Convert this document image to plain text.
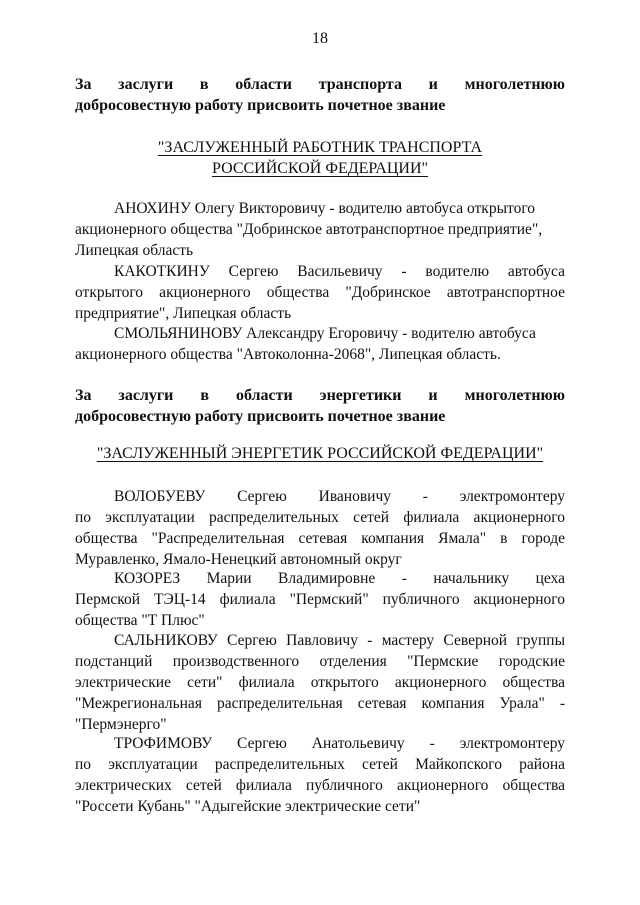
18
За заслуги в области транспорта и многолетнюю
добросовестную работу присвоить почетное звание
"ЗАСЛУЖЕННЫЙ РАБОТНИК ТРАНСПОРТА
РОССИЙСКОЙ ФЕДЕРАЦИИ"
АНОХИНУ Олегу Викторовичу - водителю автобуса открытого
акционерного общества "Добринское автотранспортное предприятие",
Липецкая область
КАКОТКИНУ Сергею Васильевичу - водителю автобуса
открытого акционерного общества "Добринское автотранспортное
предприятие", Липецкая область
СМОЛЬЯНИНОВУ Александру Егоровичу - водителю автобуса
акционерного общества "Автоколонна-2068", Липецкая область.
За заслуги в области энергетики и многолетнюю
добросовестную работу присвоить почетное звание
"ЗАСЛУЖЕННЫЙ ЭНЕРГЕТИК РОССИЙСКОЙ ФЕДЕРАЦИИ"
ВОЛОБУЕВУ Сергею Ивановичу - электромонтеру
по эксплуатации распределительных сетей филиала акционерного
общества "Распределительная сетевая компания Ямала" в городе
Муравленко, Ямало-Ненецкий автономный округ
КОЗОРЕЗ Марии Владимировне - начальнику цеха
Пермской ТЭЦ-14 филиала "Пермский" публичного акционерного
общества "Т Плюс"
САЛЬНИКОВУ Сергею Павловичу - мастеру Северной группы
подстанций производственного отделения "Пермские городские
электрические сети" филиала открытого акционерного общества
"Межрегиональная распределительная сетевая компания Урала" -
"Пермэнерго"
ТРОФИМОВУ Сергею Анатольевичу - электромонтеру
по эксплуатации распределительных сетей Майкопского района
электрических сетей филиала публичного акционерного общества
"Россети Кубань" "Адыгейские электрические сети"
